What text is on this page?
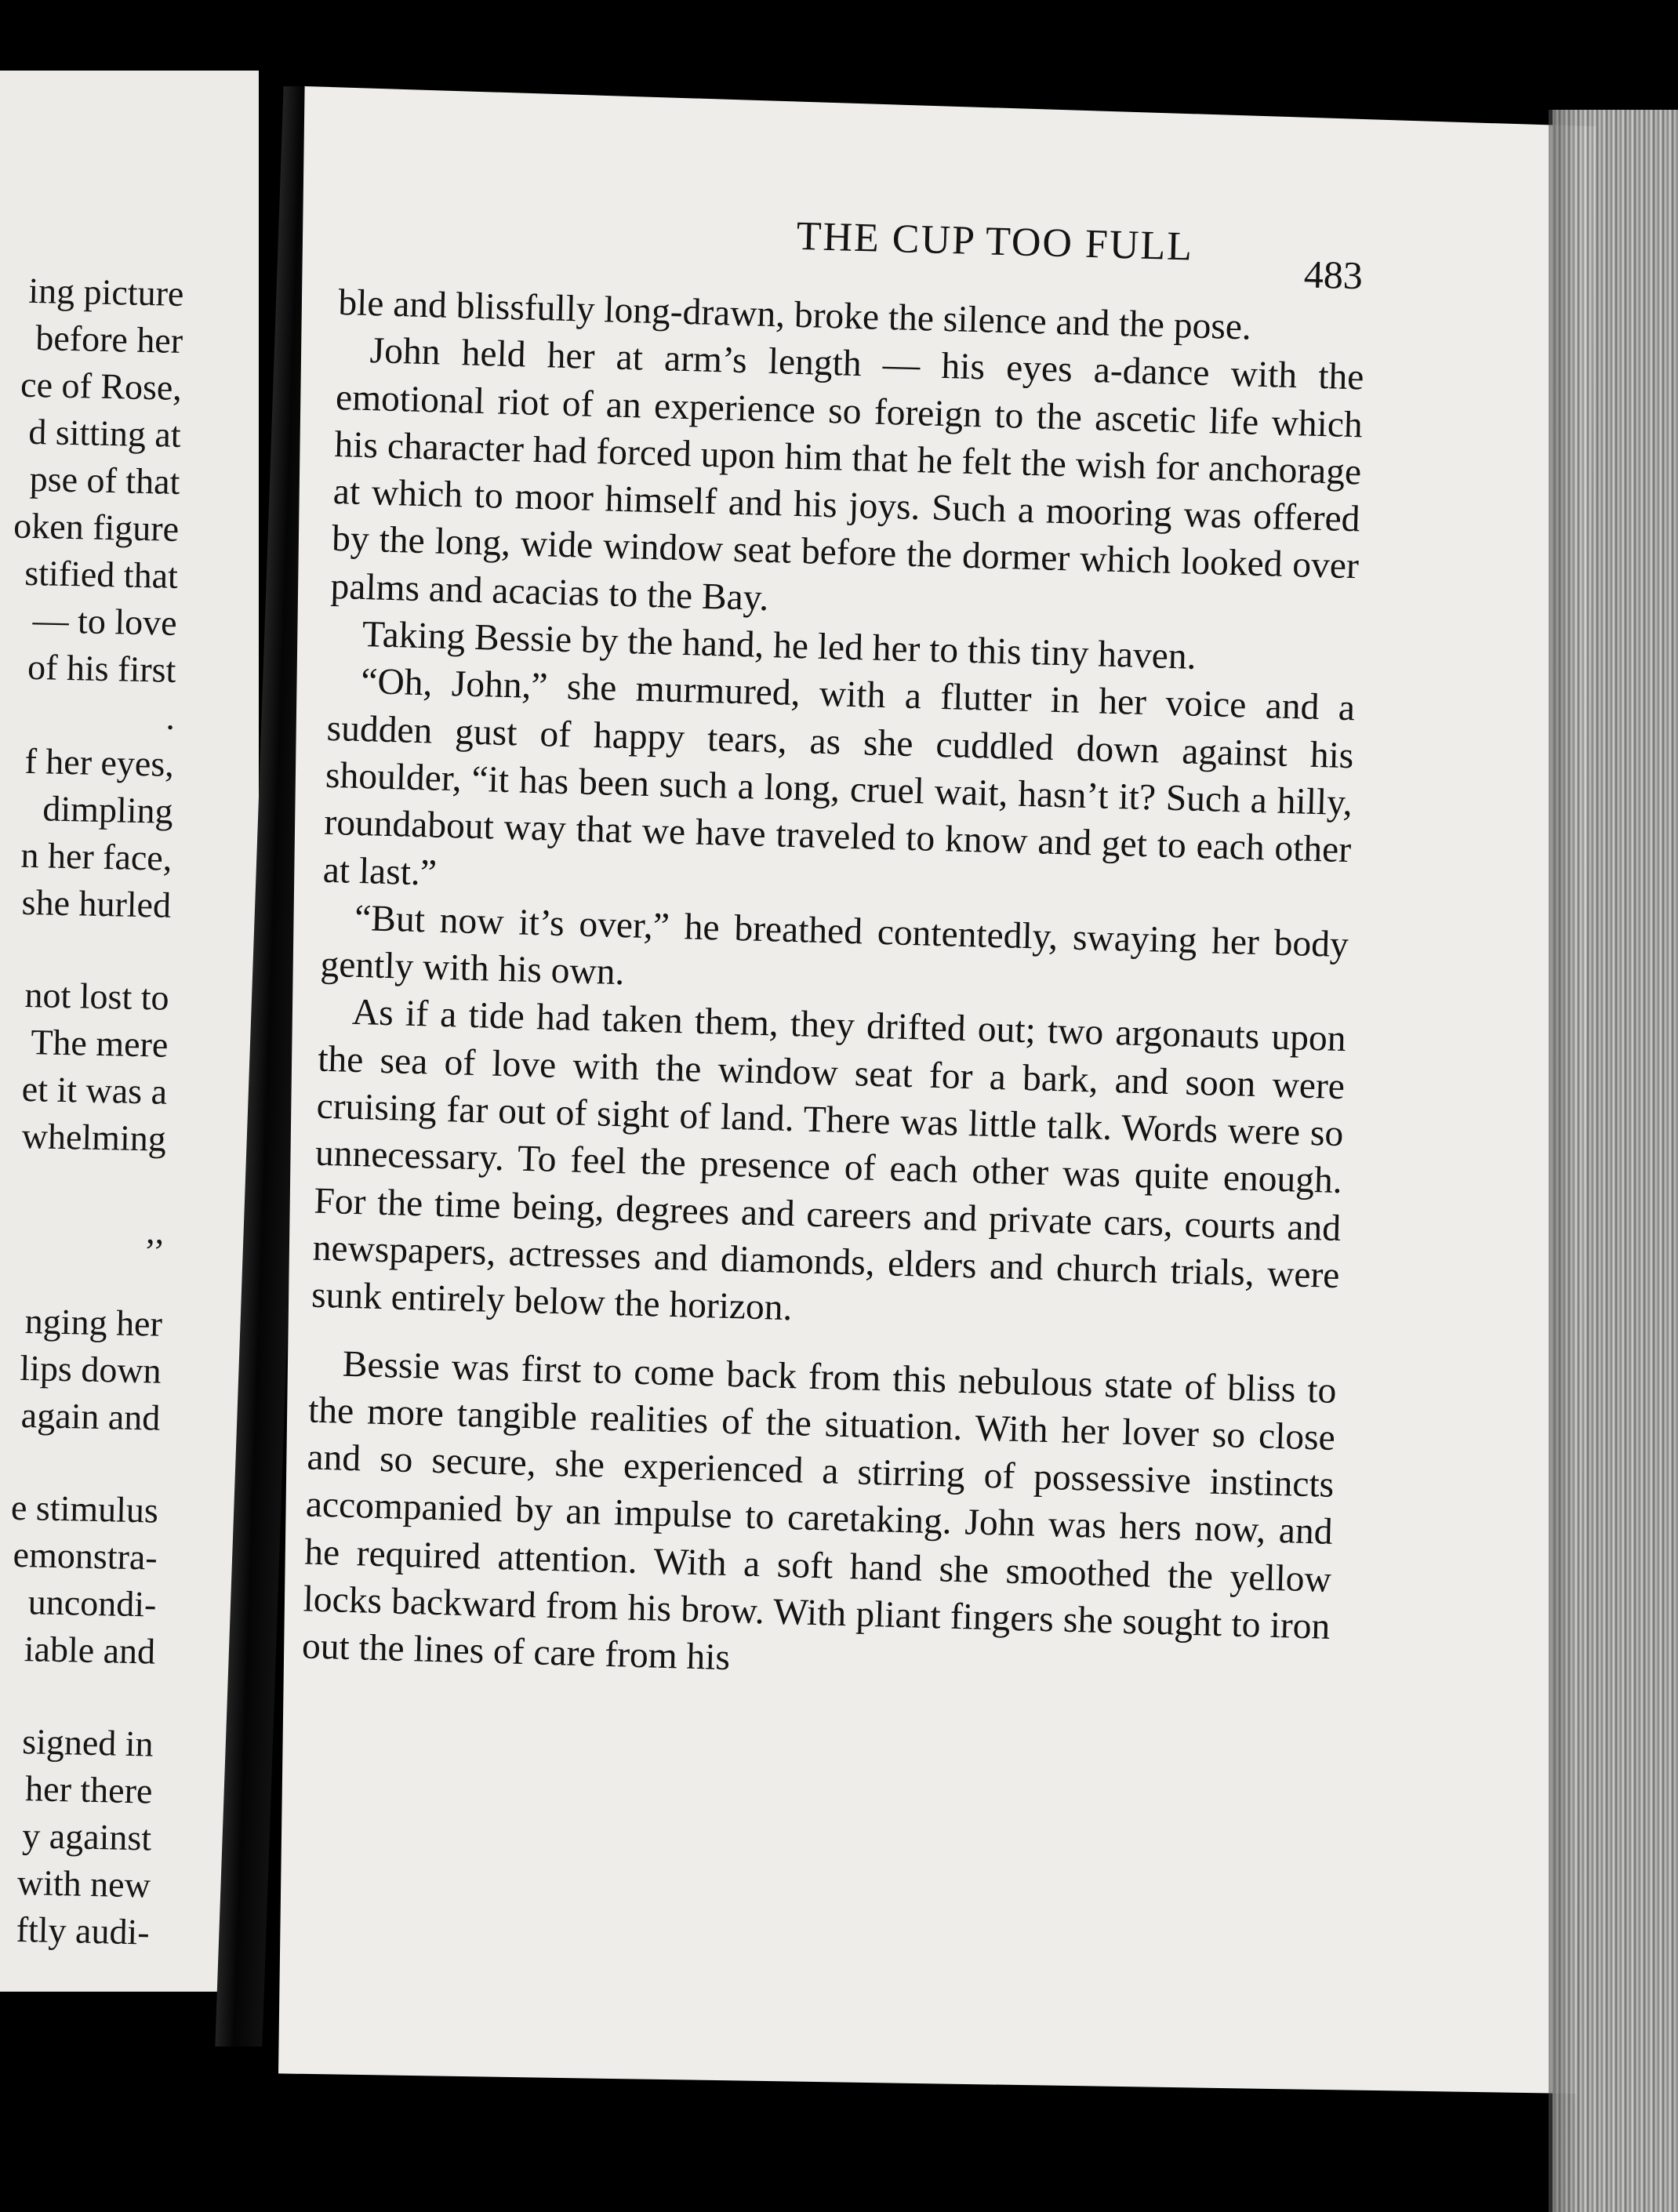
ing picture
before her
ce of Rose,
d sitting at
pse of that
oken figure
stified that
— to love
of his first
.
f her eyes,
dimpling
n her face,
she hurled
not lost to
The mere
et it was a
whelming
,,
nging her
lips down
again and
e stimulus
emonstra-
uncondi-
iable and
signed in
her there
y against
with new
ftly audi-
THE CUP TOO FULL
483

ble and blissfully long-drawn, broke the silence and the pose.

John held her at arm’s length — his eyes a-dance with the emotional riot of an experience so foreign to the ascetic life which his character had forced upon him that he felt the wish for anchorage at which to moor himself and his joys. Such a mooring was offered by the long, wide window seat before the dormer which looked over palms and acacias to the Bay.

Taking Bessie by the hand, he led her to this tiny haven.

“Oh, John,” she murmured, with a flutter in her voice and a sudden gust of happy tears, as she cuddled down against his shoulder, “it has been such a long, cruel wait, hasn’t it? Such a hilly, roundabout way that we have traveled to know and get to each other at last.”

“But now it’s over,” he breathed contentedly, swaying her body gently with his own.

As if a tide had taken them, they drifted out; two argonauts upon the sea of love with the window seat for a bark, and soon were cruising far out of sight of land. There was little talk. Words were so unnecessary. To feel the presence of each other was quite enough. For the time being, degrees and careers and private cars, courts and newspapers, actresses and diamonds, elders and church trials, were sunk entirely below the horizon.

Bessie was first to come back from this nebulous state of bliss to the more tangible realities of the situation. With her lover so close and so secure, she experienced a stirring of possessive instincts accompanied by an impulse to caretaking. John was hers now, and he required attention. With a soft hand she smoothed the yellow locks backward from his brow. With pliant fingers she sought to iron out the lines of care from his
